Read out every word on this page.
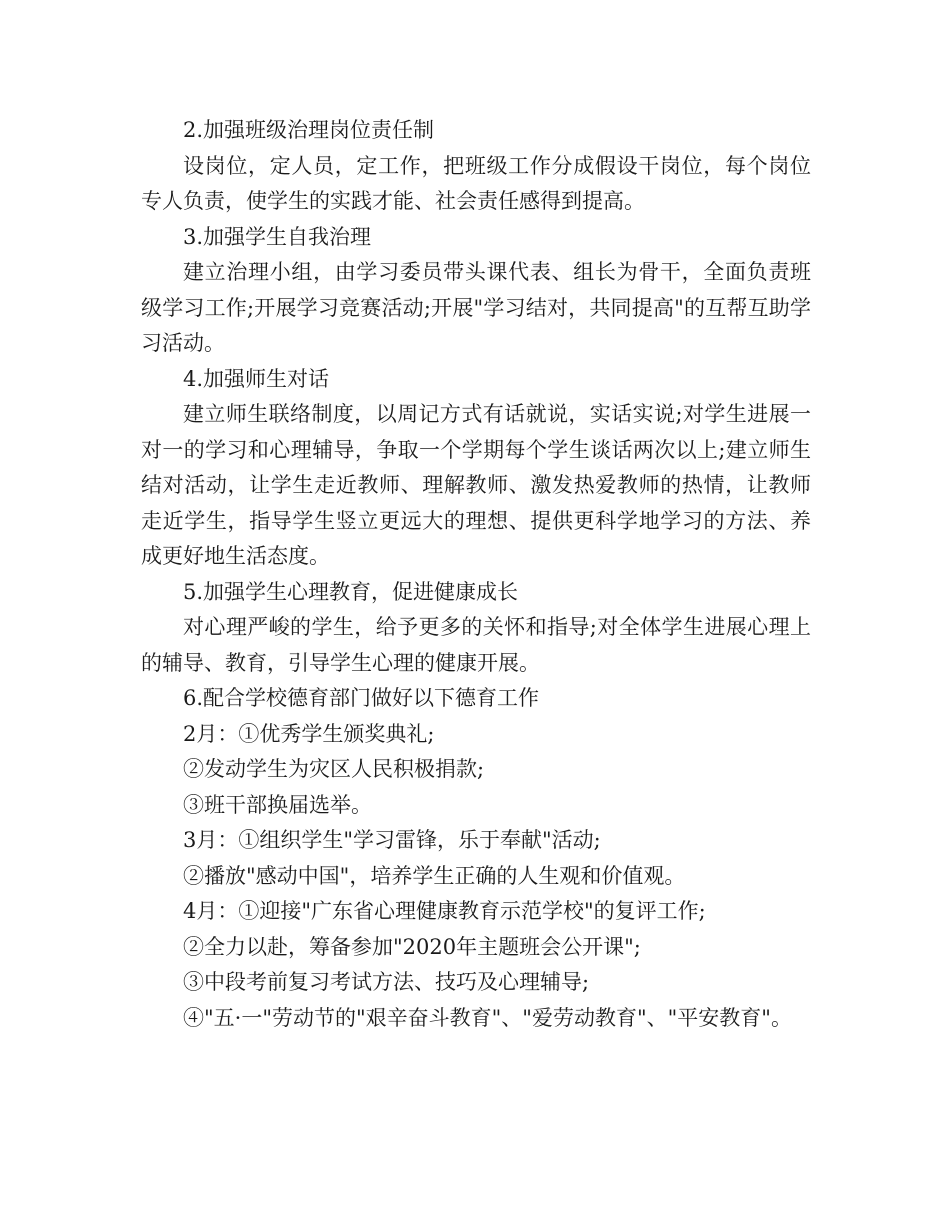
2.加强班级治理岗位责任制

设岗位，定人员，定工作，把班级工作分成假设干岗位，每个岗位专人负责，使学生的实践才能、社会责任感得到提高。

3.加强学生自我治理

建立治理小组，由学习委员带头课代表、组长为骨干，全面负责班级学习工作;开展学习竞赛活动;开展"学习结对，共同提高"的互帮互助学习活动。

4.加强师生对话

建立师生联络制度，以周记方式有话就说，实话实说;对学生进展一对一的学习和心理辅导，争取一个学期每个学生谈话两次以上;建立师生结对活动，让学生走近教师、理解教师、激发热爱教师的热情，让教师走近学生，指导学生竖立更远大的理想、提供更科学地学习的方法、养成更好地生活态度。

5.加强学生心理教育，促进健康成长

对心理严峻的学生，给予更多的关怀和指导;对全体学生进展心理上的辅导、教育，引导学生心理的健康开展。

6.配合学校德育部门做好以下德育工作

2月：①优秀学生颁奖典礼;

②发动学生为灾区人民积极捐款;

③班干部换届选举。

3月：①组织学生"学习雷锋，乐于奉献"活动;

②播放"感动中国"，培养学生正确的人生观和价值观。

4月：①迎接"广东省心理健康教育示范学校"的复评工作;

②全力以赴，筹备参加"2020年主题班会公开课";

③中段考前复习考试方法、技巧及心理辅导;

④"五·一"劳动节的"艰辛奋斗教育"、"爱劳动教育"、"平安教育"。
